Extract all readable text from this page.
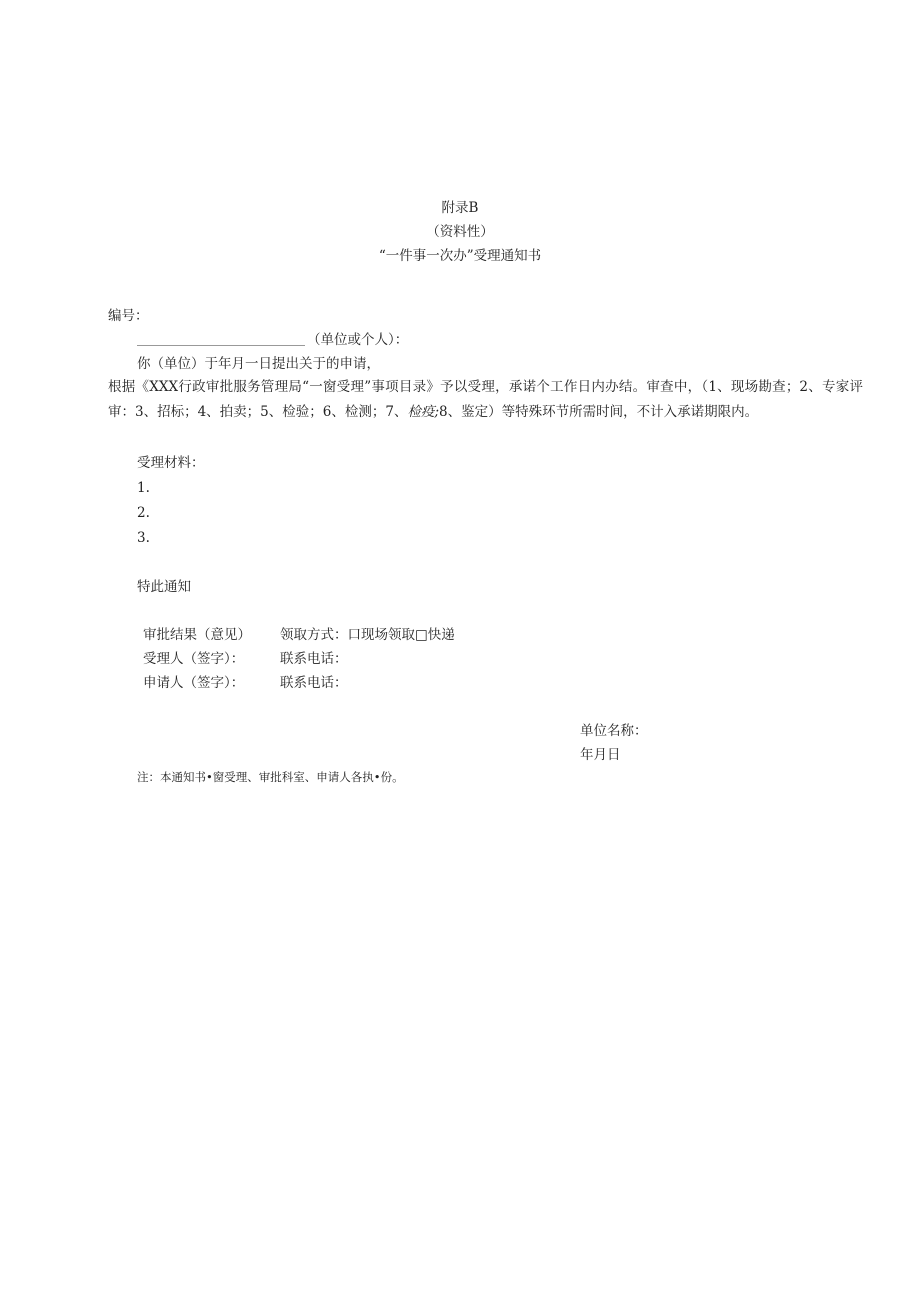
附录B
（资料性）
“一件事一次办”受理通知书
编号：
（单位或个人）：
你（单位）于年月一日提出关于的申请，
根据《XXX行政审批服务管理局“一窗受理”事项目录》予以受理，承诺个工作日内办结。审查中，（1、现场勘查；2、专家评审：3、招标；4、拍卖；5、检验；6、检测；7、检疫;8、鉴定）等特殊环节所需时间，不计入承诺期限内。
受理材料：
1.
2.
3.
特此通知
审批结果（意见） 领取方式：口现场领取□快递
受理人（签字）：	联系电话：
申请人（签字）：	联系电话：
单位名称：
年月日
注：本通知书•窗受理、审批科室、申请人各执•份。
